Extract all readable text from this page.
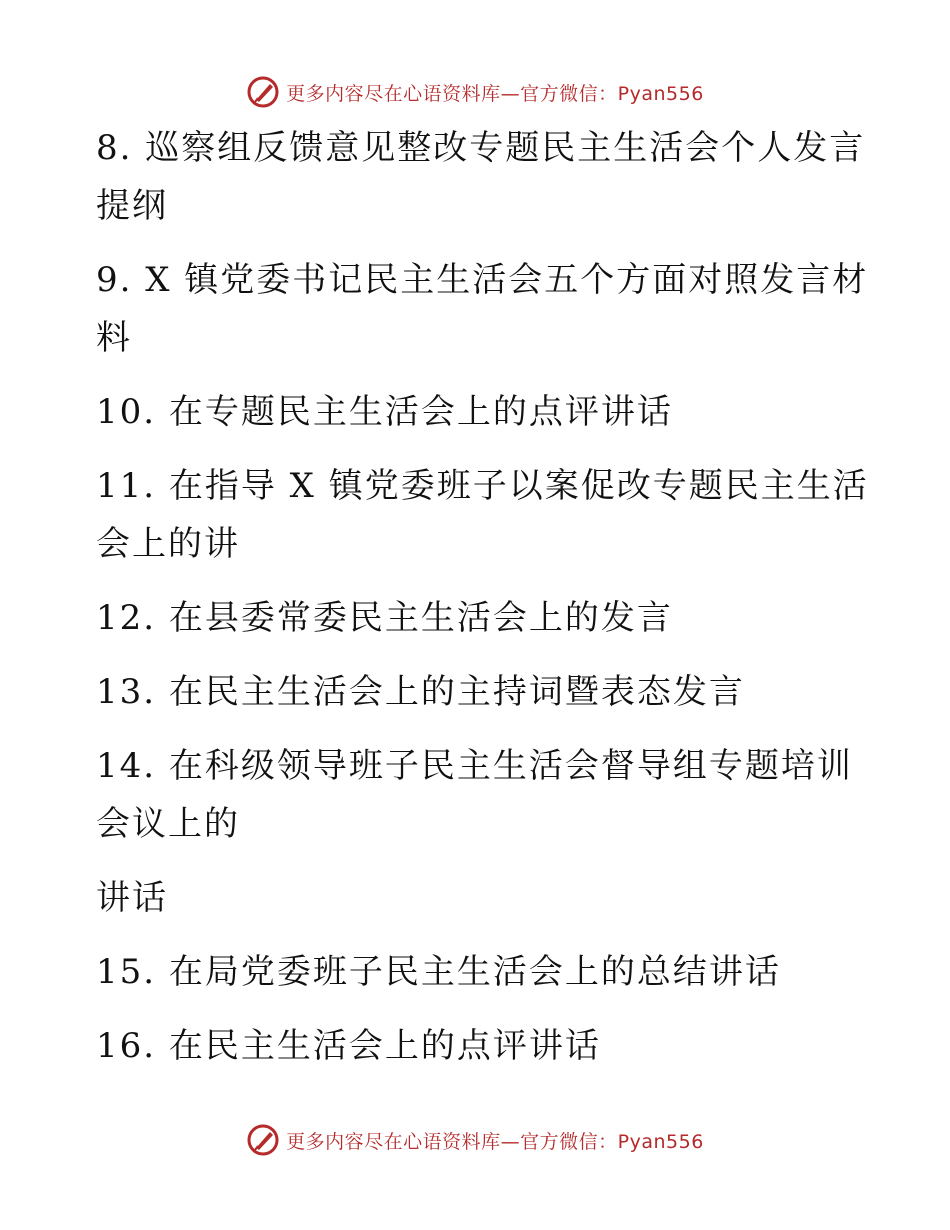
更多内容尽在心语资料库—官方微信：Pyan556
8. 巡察组反馈意见整改专题民主生活会个人发言
提纲
9. X 镇党委书记民主生活会五个方面对照发言材
料
10. 在专题民主生活会上的点评讲话
11. 在指导 X 镇党委班子以案促改专题民主生活
会上的讲
12. 在县委常委民主生活会上的发言
13. 在民主生活会上的主持词暨表态发言
14. 在科级领导班子民主生活会督导组专题培训
会议上的
讲话
15. 在局党委班子民主生活会上的总结讲话
16. 在民主生活会上的点评讲话
更多内容尽在心语资料库—官方微信：Pyan556
